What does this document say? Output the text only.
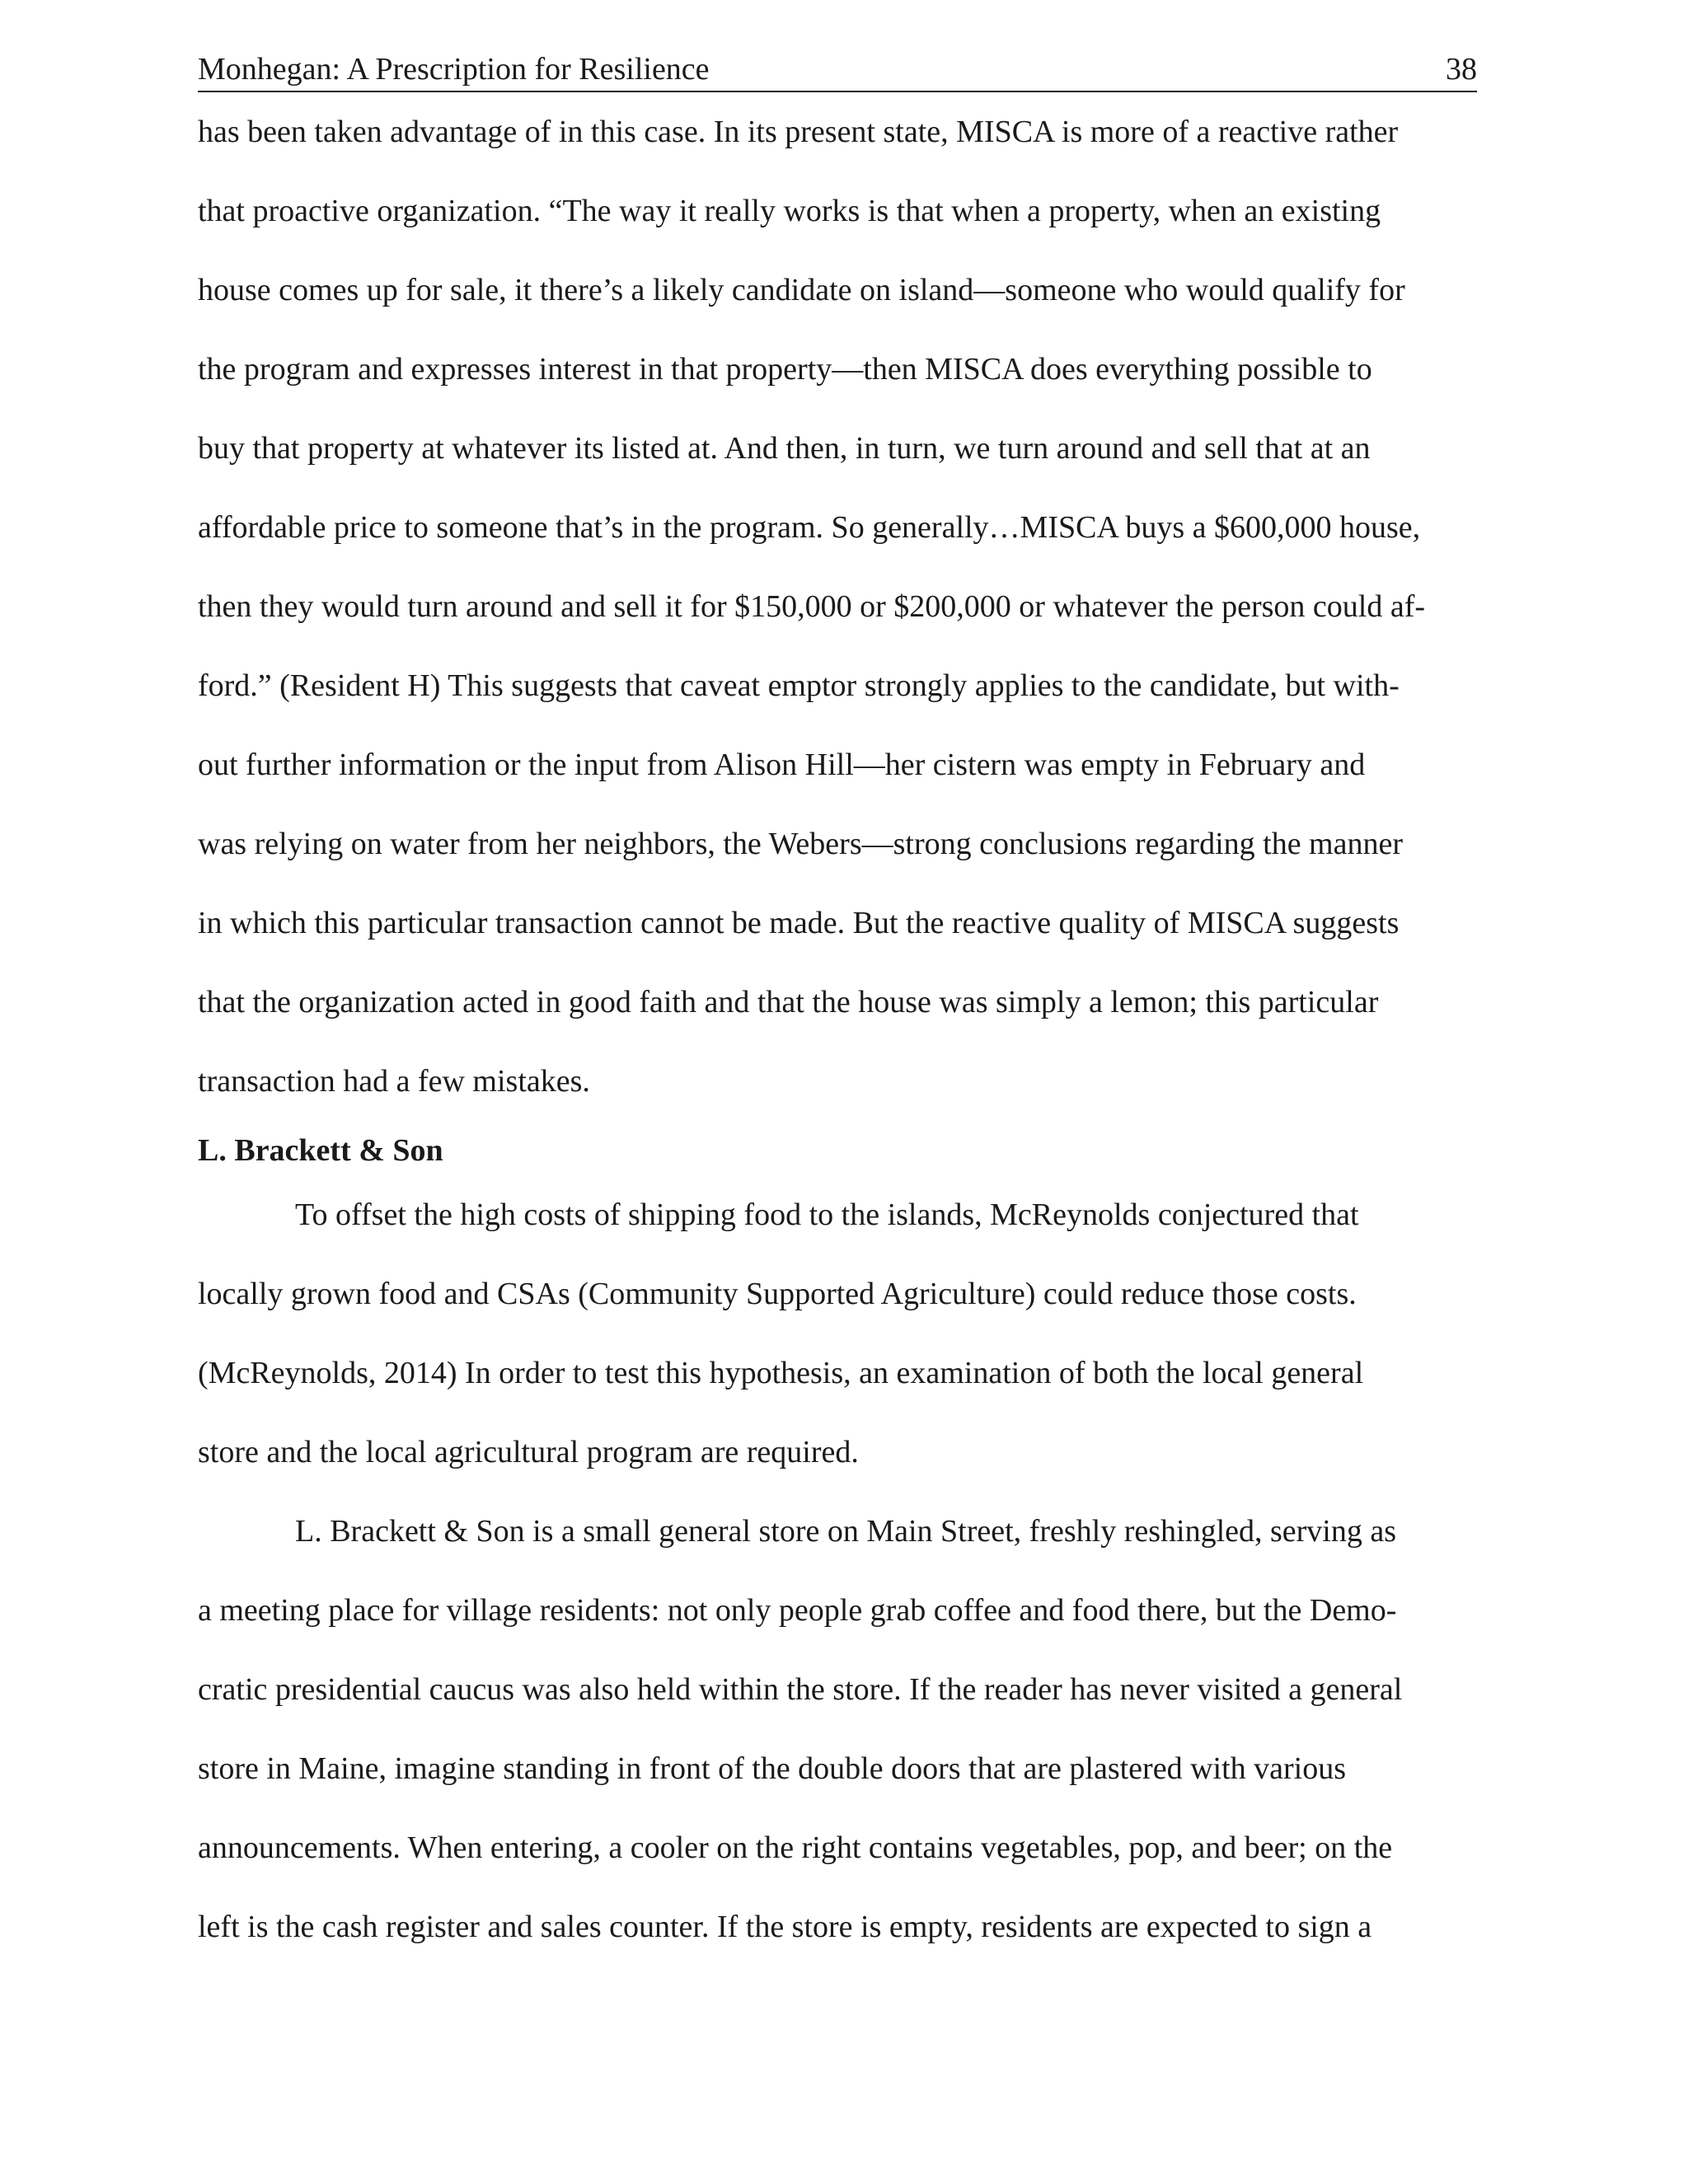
Monhegan: A Prescription for Resilience	38

has been taken advantage of in this case. In its present state, MISCA is more of a reactive rather
that proactive organization. “The way it really works is that when a property, when an existing
house comes up for sale, it there’s a likely candidate on island—someone who would qualify for
the program and expresses interest in that property—then MISCA does everything possible to
buy that property at whatever its listed at. And then, in turn, we turn around and sell that at an
affordable price to someone that’s in the program. So generally…MISCA buys a $600,000 house,
then they would turn around and sell it for $150,000 or $200,000 or whatever the person could af-
ford.” (Resident H) This suggests that caveat emptor strongly applies to the candidate, but with-
out further information or the input from Alison Hill—her cistern was empty in February and
was relying on water from her neighbors, the Webers—strong conclusions regarding the manner
in which this particular transaction cannot be made. But the reactive quality of MISCA suggests
that the organization acted in good faith and that the house was simply a lemon; this particular
transaction had a few mistakes.

L. Brackett & Son

To offset the high costs of shipping food to the islands, McReynolds conjectured that
locally grown food and CSAs (Community Supported Agriculture) could reduce those costs.
(McReynolds, 2014) In order to test this hypothesis, an examination of both the local general
store and the local agricultural program are required.

L. Brackett & Son is a small general store on Main Street, freshly reshingled, serving as
a meeting place for village residents: not only people grab coffee and food there, but the Demo-
cratic presidential caucus was also held within the store. If the reader has never visited a general
store in Maine, imagine standing in front of the double doors that are plastered with various
announcements. When entering, a cooler on the right contains vegetables, pop, and beer; on the
left is the cash register and sales counter. If the store is empty, residents are expected to sign a
